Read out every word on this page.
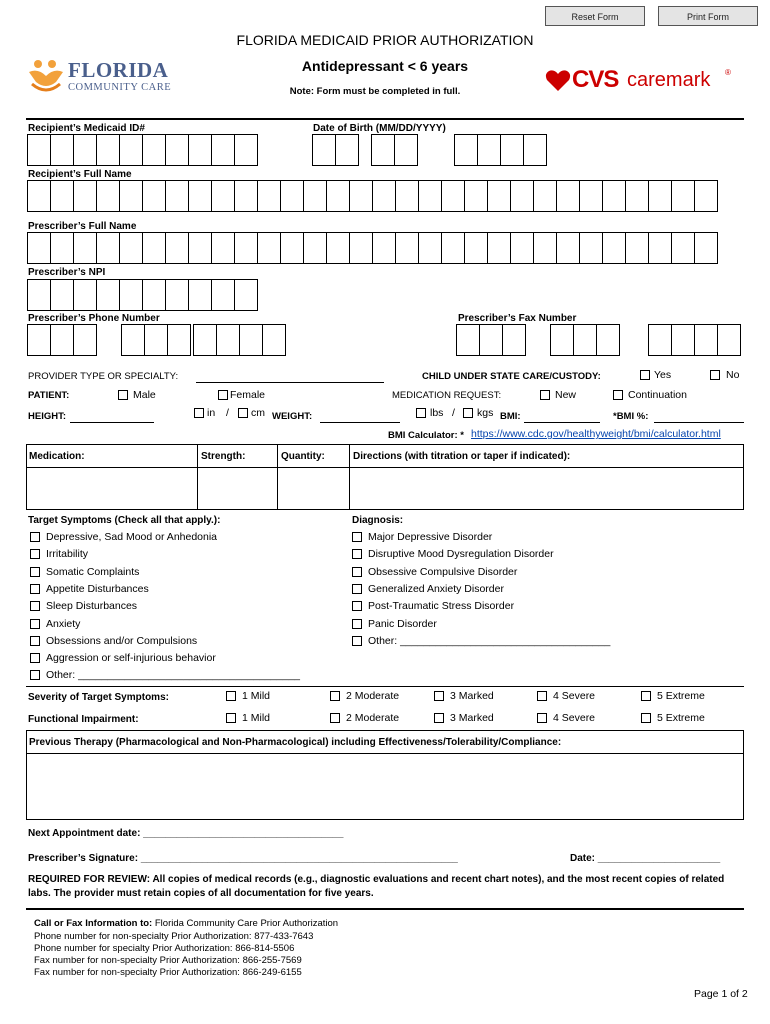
Reset Form	Print Form
FLORIDA MEDICAID PRIOR AUTHORIZATION
Antidepressant < 6 years
Note: Form must be completed in full.
FLORIDA
COMMUNITY CARE	CVS caremark ®
Recipient’s Medicaid ID#	Date of Birth (MM/DD/YYYY)
Recipient’s Full Name
Prescriber’s Full Name
Prescriber’s NPI
Prescriber’s Phone Number	Prescriber’s Fax Number
PROVIDER TYPE OR SPECIALTY:	CHILD UNDER STATE CARE/CUSTODY:	Yes	No
PATIENT:	Male	Female	MEDICATION REQUEST:	New	Continuation
HEIGHT:	in / cm WEIGHT:	lbs / kgs BMI:	*BMI %:
BMI Calculator: * https://www.cdc.gov/healthyweight/bmi/calculator.html
Medication:	Strength:	Quantity:	Directions (with titration or taper if indicated):
Target Symptoms (Check all that apply.):
Depressive, Sad Mood or Anhedonia
Irritability
Somatic Complaints
Appetite Disturbances
Sleep Disturbances
Anxiety
Obsessions and/or Compulsions
Aggression or self-injurious behavior
Other: ______________________________________
Diagnosis:
Major Depressive Disorder
Disruptive Mood Dysregulation Disorder
Obsessive Compulsive Disorder
Generalized Anxiety Disorder
Post-Traumatic Stress Disorder
Panic Disorder
Other: ____________________________________
Severity of Target Symptoms:	1 Mild	2 Moderate	3 Marked	4 Severe	5 Extreme
Functional Impairment:	1 Mild	2 Moderate	3 Marked	4 Severe	5 Extreme
Previous Therapy (Pharmacological and Non-Pharmacological) including Effectiveness/Tolerability/Compliance:
Next Appointment date: ____________________________________
Prescriber’s Signature: _________________________________________________________	Date: ______________________
REQUIRED FOR REVIEW: All copies of medical records (e.g., diagnostic evaluations and recent chart notes), and the most recent copies of related labs. The provider must retain copies of all documentation for five years.
Call or Fax Information to: Florida Community Care Prior Authorization
Phone number for non-specialty Prior Authorization: 877-433-7643
Phone number for specialty Prior Authorization: 866-814-5506
Fax number for non-specialty Prior Authorization: 866-255-7569
Fax number for non-specialty Prior Authorization: 866-249-6155
Page 1 of 2
